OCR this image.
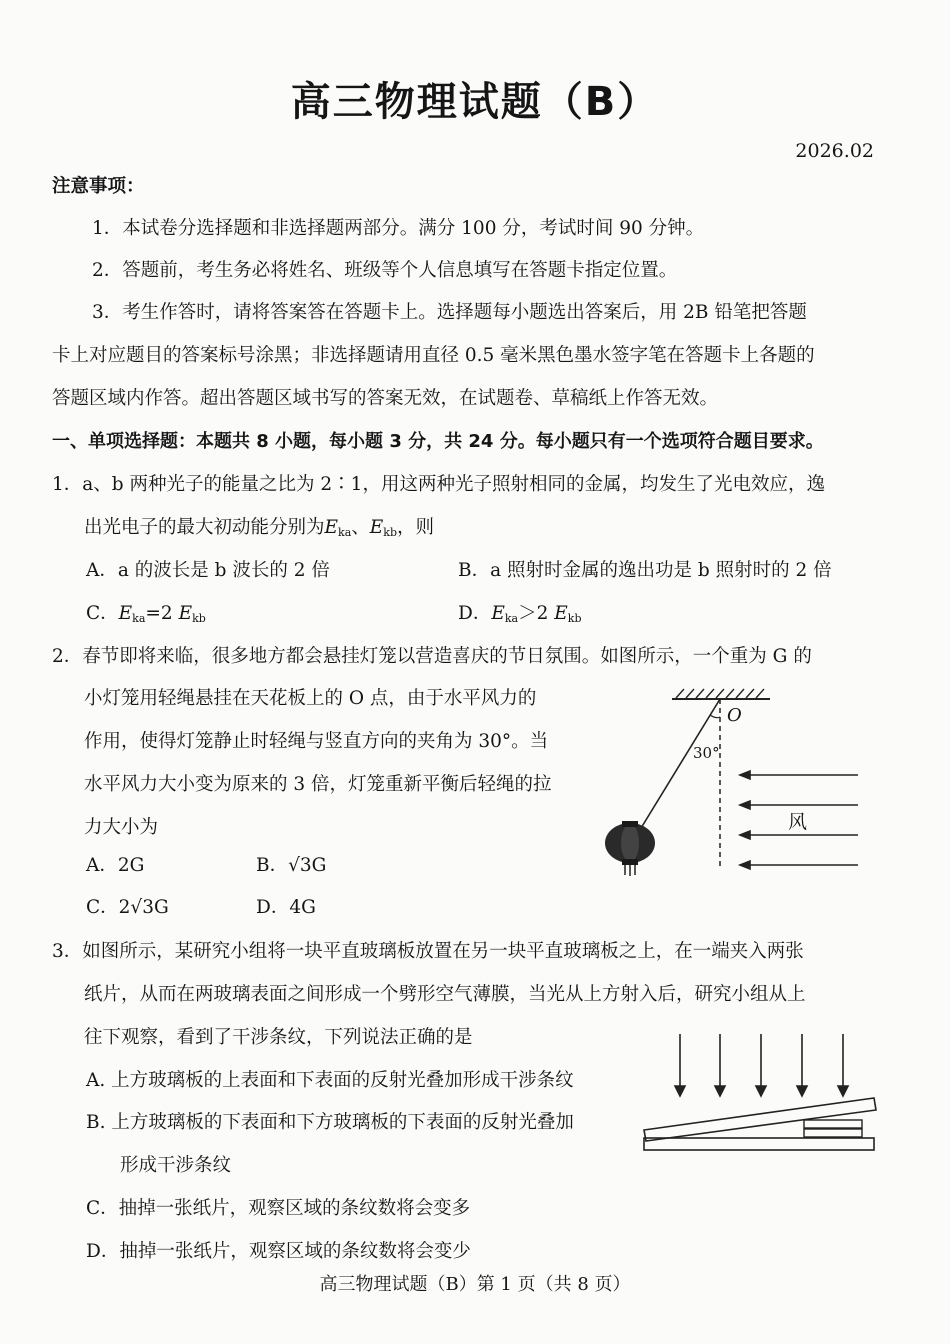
高三物理试题（B）
2026.02
注意事项：
1．本试卷分选择题和非选择题两部分。满分 100 分，考试时间 90 分钟。
2．答题前，考生务必将姓名、班级等个人信息填写在答题卡指定位置。
3．考生作答时，请将答案答在答题卡上。选择题每小题选出答案后，用 2B 铅笔把答题
卡上对应题目的答案标号涂黑；非选择题请用直径 0.5 毫米黑色墨水签字笔在答题卡上各题的
答题区域内作答。超出答题区域书写的答案无效，在试题卷、草稿纸上作答无效。
一、单项选择题：本题共 8 小题，每小题 3 分，共 24 分。每小题只有一个选项符合题目要求。
1．a、b 两种光子的能量之比为 2∶1，用这两种光子照射相同的金属，均发生了光电效应，逸
出光电子的最大初动能分别为$E_{ka}$、$E_{kb}$，则
A．a 的波长是 b 波长的 2 倍	B．a 照射时金属的逸出功是 b 照射时的 2 倍
C．$E_{ka}=2$ $E_{kb}$	D．$E_{ka}>2$ $E_{kb}$
2．春节即将来临，很多地方都会悬挂灯笼以营造喜庆的节日氛围。如图所示，一个重为 G 的
小灯笼用轻绳悬挂在天花板上的 O 点，由于水平风力的
作用，使得灯笼静止时轻绳与竖直方向的夹角为 30°。当
水平风力大小变为原来的 3 倍，灯笼重新平衡后轻绳的拉
力大小为
A．2G	B．√3G
C．2√3G	D．4G
O
30°
风
3．如图所示，某研究小组将一块平直玻璃板放置在另一块平直玻璃板之上，在一端夹入两张
纸片，从而在两玻璃表面之间形成一个劈形空气薄膜，当光从上方射入后，研究小组从上
往下观察，看到了干涉条纹，下列说法正确的是
A. 上方玻璃板的上表面和下表面的反射光叠加形成干涉条纹
B. 上方玻璃板的下表面和下方玻璃板的下表面的反射光叠加
形成干涉条纹
C．抽掉一张纸片，观察区域的条纹数将会变多
D．抽掉一张纸片，观察区域的条纹数将会变少
高三物理试题（B）第 1 页（共 8 页）
